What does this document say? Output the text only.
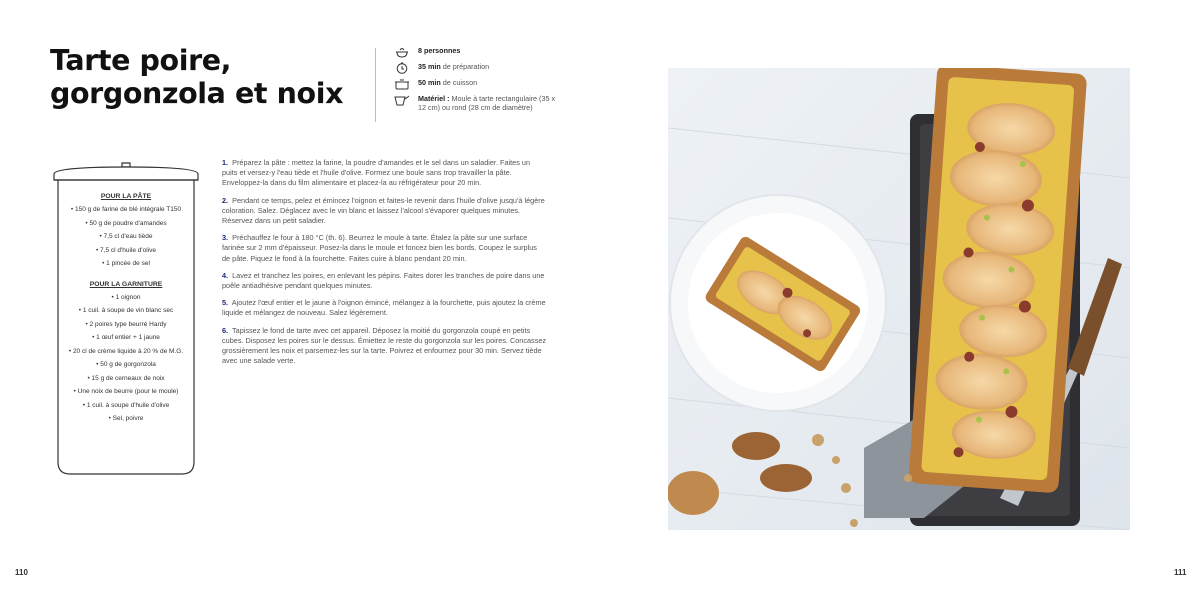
Tarte poire,
gorgonzola et noix
8 personnes
35 min de préparation
50 min de cuisson
Matériel : Moule à tarte rectangulaire (35 x 12 cm) ou rond (28 cm de diamètre)
POUR LA PÂTE
• 150 g de farine de blé intégrale T150
• 50 g de poudre d'amandes
• 7,5 cl d'eau tiède
• 7,5 cl d'huile d'olive
• 1 pincée de sel
POUR LA GARNITURE
• 1 oignon
• 1 cuil. à soupe de vin blanc sec
• 2 poires type beurré Hardy
• 1 œuf entier + 1 jaune
• 20 cl de crème liquide à 20 % de M.G.
• 50 g de gorgonzola
• 15 g de cerneaux de noix
• Une noix de beurre (pour le moule)
• 1 cuil. à soupe d'huile d'olive
• Sel, poivre

1. Préparez la pâte : mettez la farine, la poudre d'amandes et le sel dans un saladier. Faites un puits et versez-y l'eau tiède et l'huile d'olive. Formez une boule sans trop travailler la pâte. Enveloppez-la dans du film alimentaire et placez-la au réfrigérateur pour 20 min.

2. Pendant ce temps, pelez et émincez l'oignon et faites-le revenir dans l'huile d'olive jusqu'à légère coloration. Salez. Déglacez avec le vin blanc et laissez l'alcool s'évaporer quelques minutes. Réservez dans un petit saladier.

3. Préchauffez le four à 180 °C (th. 6). Beurrez le moule à tarte. Étalez la pâte sur une surface farinée sur 2 mm d'épaisseur. Posez-la dans le moule et foncez bien les bords. Coupez le surplus de pâte. Piquez le fond à la fourchette. Faites cuire à blanc pendant 20 min.

4. Lavez et tranchez les poires, en enlevant les pépins. Faites dorer les tranches de poire dans une poêle antiadhésive pendant quelques minutes.

5. Ajoutez l'œuf entier et le jaune à l'oignon émincé, mélangez à la fourchette, puis ajoutez la crème liquide et mélangez de nouveau. Salez légèrement.

6. Tapissez le fond de tarte avec cet appareil. Déposez la moitié du gorgonzola coupé en petits cubes. Disposez les poires sur le dessus. Émiettez le reste du gorgonzola sur les poires. Concassez grossièrement les noix et parsemez-les sur la tarte. Poivrez et enfournez pour 30 min. Servez tiède avec une salade verte.

110	111
